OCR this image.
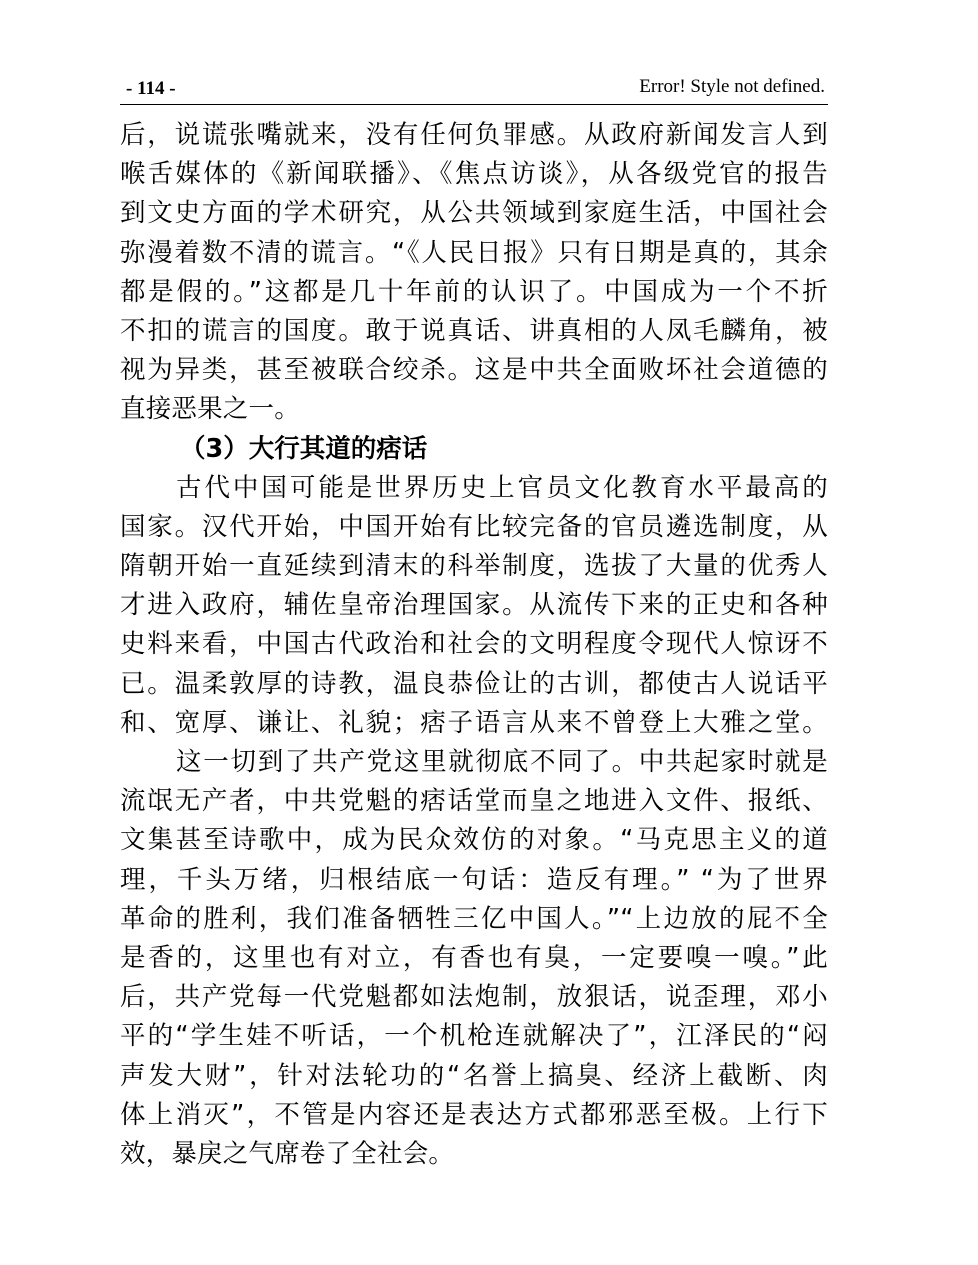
- 114 -	Error! Style not defined.
后，说谎张嘴就来，没有任何负罪感。从政府新闻发言人到
喉舌媒体的《新闻联播》、《焦点访谈》，从各级党官的报告
到文史方面的学术研究，从公共领域到家庭生活，中国社会
弥漫着数不清的谎言。“《人民日报》只有日期是真的，其余
都是假的。”这都是几十年前的认识了。中国成为一个不折
不扣的谎言的国度。敢于说真话、讲真相的人凤毛麟角，被
视为异类，甚至被联合绞杀。这是中共全面败坏社会道德的
直接恶果之一。
（3）大行其道的痞话
古代中国可能是世界历史上官员文化教育水平最高的
国家。汉代开始，中国开始有比较完备的官员遴选制度，从
隋朝开始一直延续到清末的科举制度，选拔了大量的优秀人
才进入政府，辅佐皇帝治理国家。从流传下来的正史和各种
史料来看，中国古代政治和社会的文明程度令现代人惊讶不
已。温柔敦厚的诗教，温良恭俭让的古训，都使古人说话平
和、宽厚、谦让、礼貌；痞子语言从来不曾登上大雅之堂。
这一切到了共产党这里就彻底不同了。中共起家时就是
流氓无产者，中共党魁的痞话堂而皇之地进入文件、报纸、
文集甚至诗歌中，成为民众效仿的对象。“马克思主义的道
理，千头万绪，归根结底一句话：造反有理。” “为了世界
革命的胜利，我们准备牺牲三亿中国人。”“上边放的屁不全
是香的，这里也有对立，有香也有臭，一定要嗅一嗅。”此
后，共产党每一代党魁都如法炮制，放狠话，说歪理，邓小
平的“学生娃不听话，一个机枪连就解决了”，江泽民的“闷
声发大财”，针对法轮功的“名誉上搞臭、经济上截断、肉
体上消灭”，不管是内容还是表达方式都邪恶至极。上行下
效，暴戾之气席卷了全社会。
